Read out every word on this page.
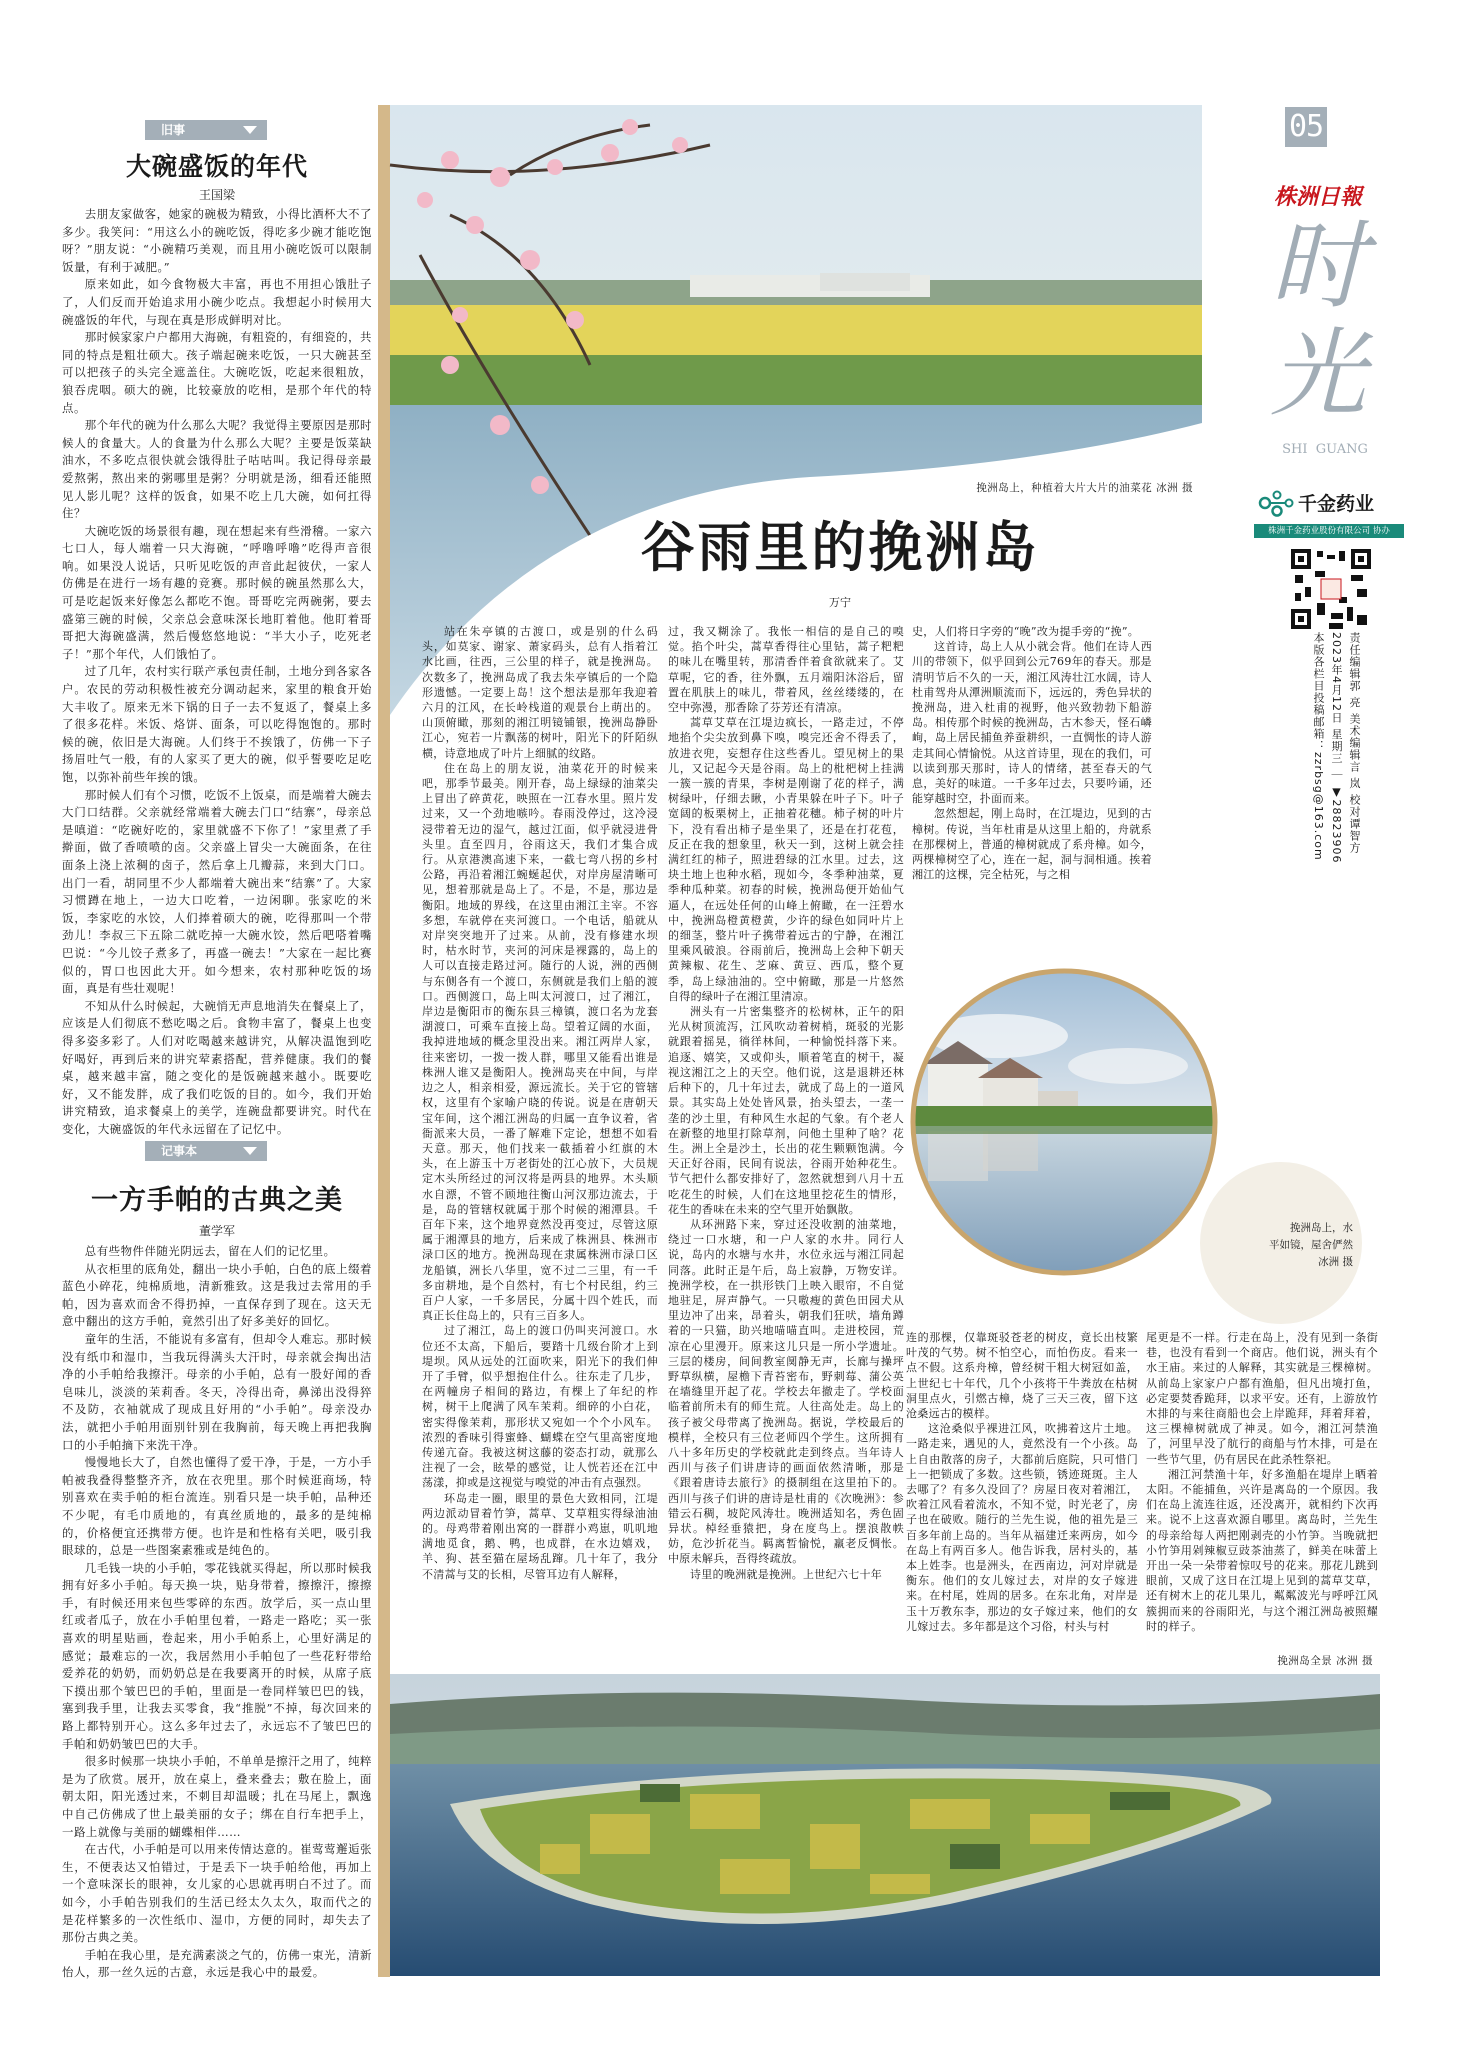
旧事
大碗盛饭的年代
王国梁

去朋友家做客，她家的碗极为精致，小得比酒杯大不了多少。我笑问：“用这么小的碗吃饭，得吃多少碗才能吃饱呀？”朋友说：“小碗精巧美观，而且用小碗吃饭可以限制饭量，有利于减肥。”

原来如此，如今食物极大丰富，再也不用担心饿肚子了，人们反而开始追求用小碗少吃点。我想起小时候用大碗盛饭的年代，与现在真是形成鲜明对比。

那时候家家户户都用大海碗，有粗瓷的，有细瓷的，共同的特点是粗壮硕大。孩子端起碗来吃饭，一只大碗甚至可以把孩子的头完全遮盖住。大碗吃饭，吃起来很粗放，狼吞虎咽。硕大的碗，比较豪放的吃相，是那个年代的特点。

那个年代的碗为什么那么大呢？我觉得主要原因是那时候人的食量大。人的食量为什么那么大呢？主要是饭菜缺油水，不多吃点很快就会饿得肚子咕咕叫。我记得母亲最爱熬粥，熬出来的粥哪里是粥？分明就是汤，细看还能照见人影儿呢？这样的饭食，如果不吃上几大碗，如何扛得住？

大碗吃饭的场景很有趣，现在想起来有些滑稽。一家六七口人，每人端着一只大海碗，“呼噜呼噜”吃得声音很响。如果没人说话，只听见吃饭的声音此起彼伏，一家人仿佛是在进行一场有趣的竞赛。那时候的碗虽然那么大，可是吃起饭来好像怎么都吃不饱。哥哥吃完两碗粥，要去盛第三碗的时候，父亲总会意味深长地盯着他。他盯着哥哥把大海碗盛满，然后慢悠悠地说：“半大小子，吃死老子！”那个年代，人们饿怕了。

过了几年，农村实行联产承包责任制，土地分到各家各户。农民的劳动积极性被充分调动起来，家里的粮食开始大丰收了。原来无米下锅的日子一去不复返了，餐桌上多了很多花样。米饭、烙饼、面条，可以吃得饱饱的。那时候的碗，依旧是大海碗。人们终于不挨饿了，仿佛一下子扬眉吐气一般，有的人家买了更大的碗，似乎誓要吃足吃饱，以弥补前些年挨的饿。

那时候人们有个习惯，吃饭不上饭桌，而是端着大碗去大门口结群。父亲就经常端着大碗去门口“结寨”，母亲总是嗔道：“吃碗好吃的，家里就盛不下你了！”家里煮了手擀面，做了香喷喷的卤。父亲盛上冒尖一大碗面条，在往面条上浇上浓稠的卤子，然后拿上几瓣蒜，来到大门口。出门一看，胡同里不少人都端着大碗出来“结寨”了。大家习惯蹲在地上，一边大口吃着，一边闲聊。张家吃的米饭，李家吃的水饺，人们捧着硕大的碗，吃得那叫一个带劲儿！李叔三下五除二就吃掉一大碗水饺，然后吧嗒着嘴巴说：“今儿饺子煮多了，再盛一碗去！”大家在一起比赛似的，胃口也因此大开。如今想来，农村那种吃饭的场面，真是有些壮观呢！

不知从什么时候起，大碗悄无声息地消失在餐桌上了，应该是人们彻底不愁吃喝之后。食物丰富了，餐桌上也变得多姿多彩了。人们对吃喝越来越讲究，从解决温饱到吃好喝好，再到后来的讲究荤素搭配，营养健康。我们的餐桌，越来越丰富，随之变化的是饭碗越来越小。既要吃好，又不能发胖，成了我们吃饭的目的。如今，我们开始讲究精致，追求餐桌上的美学，连碗盘都要讲究。时代在变化，大碗盛饭的年代永远留在了记忆中。

记事本
一方手帕的古典之美
董学军

总有些物件伴随光阴远去，留在人们的记忆里。

从衣柜里的底角处，翻出一块小手帕，白色的底上缀着蓝色小碎花，纯棉质地，清新雅致。这是我过去常用的手帕，因为喜欢而舍不得扔掉，一直保存到了现在。这天无意中翻出的这方手帕，竟然引出了好多美好的回忆。

童年的生活，不能说有多富有，但却令人难忘。那时候没有纸巾和湿巾，当我玩得满头大汗时，母亲就会掏出洁净的小手帕给我擦汗。母亲的小手帕，总有一股好闻的香皂味儿，淡淡的茉莉香。冬天，冷得出奇，鼻涕出没得猝不及防，衣袖就成了现成且好用的“小手帕”。母亲没办法，就把小手帕用面别针别在我胸前，每天晚上再把我胸口的小手帕摘下来洗干净。

慢慢地长大了，自然也懂得了爱干净，于是，一方小手帕被我叠得整整齐齐，放在衣兜里。那个时候逛商场，特别喜欢在卖手帕的柜台流连。别看只是一块手帕，品种还不少呢，有毛巾质地的，有真丝质地的，最多的是纯棉的，价格便宜还携带方便。也许是和性格有关吧，吸引我眼球的，总是一些图案素雅或是纯色的。

几毛钱一块的小手帕，零花钱就买得起，所以那时候我拥有好多小手帕。每天换一块，贴身带着，擦擦汗，擦擦手，有时候还用来包些零碎的东西。放学后，买一点山里红或者瓜子，放在小手帕里包着，一路走一路吃；买一张喜欢的明星贴画，卷起来，用小手帕系上，心里好满足的感觉；最难忘的一次，我居然用小手帕包了一些花籽带给爱养花的奶奶，而奶奶总是在我要离开的时候，从席子底下摸出那个皱巴巴的手帕，里面是一卷同样皱巴巴的钱，塞到我手里，让我去买零食，我“推脱”不掉，每次回来的路上都特别开心。这么多年过去了，永远忘不了皱巴巴的手帕和奶奶皱巴巴的大手。

很多时候那一块块小手帕，不单单是擦汗之用了，纯粹是为了欣赏。展开，放在桌上，叠来叠去；敷在脸上，面朝太阳，阳光透过来，不刺目却温暖；扎在马尾上，飘逸中自己仿佛成了世上最美丽的女子；绑在自行车把手上，一路上就像与美丽的蝴蝶相伴……

在古代，小手帕是可以用来传情达意的。崔莺莺邂逅张生，不便表达又怕错过，于是丢下一块手帕给他，再加上一个意味深长的眼神，女儿家的心思就再明白不过了。而如今，小手帕告别我们的生活已经太久太久，取而代之的是花样繁多的一次性纸巾、湿巾，方便的同时，却失去了那份古典之美。

手帕在我心里，是充满素淡之气的，仿佛一束光，清新怡人，那一丝久远的古意，永远是我心中的最爱。

挽洲岛上，种植着大片大片的油菜花 冰洲 摄
谷雨里的挽洲岛
万宁

站在朱亭镇的古渡口，或是别的什么码头，如莫家、谢家、萧家码头，总有人指着江水比画，往西，三公里的样子，就是挽洲岛。次数多了，挽洲岛成了我去朱亭镇后的一个隐形遗憾。一定要上岛！这个想法是那年我迎着六月的江风，在长岭栈道的观景台上萌出的。山顶俯瞰，那刻的湘江明镜铺银，挽洲岛静卧江心，宛若一片飘荡的树叶，阳光下的阡陌纵横，诗意地成了叶片上细腻的纹路。

住在岛上的朋友说，油菜花开的时候来吧，那季节最美。刚开春，岛上绿绿的油菜尖上冒出了碎黄花，映照在一江春水里。照片发过来，又一个劲地嗾吟。春雨没停过，这冷浸浸带着无边的湿气，越过江面，似乎就浸进骨头里。直至四月，谷雨这天，我们才集合成行。从京港澳高速下来，一截七弯八拐的乡村公路，再沿着湘江蜿蜒起伏，对岸房屋清晰可见，想着那就是岛上了。不是，不是，那边是衡阳。地域的界线，在这里由湘江主宰。不容多想，车就停在夹河渡口。一个电话，船就从对岸突突地开了过来。从前，没有修建水坝时，枯水时节，夹河的河床是裸露的，岛上的人可以直接走路过河。随行的人说，洲的西侧与东侧各有一个渡口，东侧就是我们上船的渡口。西侧渡口，岛上叫太河渡口，过了湘江，岸边是衡阳市的衡东县三樟镇，渡口名为龙套湖渡口，可乘车直接上岛。望着辽阔的水面，我掉进地域的概念里没出来。湘江两岸人家，往来密切，一拨一拨人群，哪里又能看出谁是株洲人谁又是衡阳人。挽洲岛夹在中间，与岸边之人，相亲相爱，源远流长。关于它的管辖权，这里有个家喻户晓的传说。说是在唐朝天宝年间，这个湘江洲岛的归属一直争议着，省衙派来大员，一番了解难下定论，想想不如看天意。那天，他们找来一截插着小红旗的木头，在上游玉十万老街处的江心放下，大员规定木头所经过的河汉将是两县的地界。木头顺水自漂，不管不顾地往衡山河汉那边流去，于是，岛的管辖权就属于那个时候的湘潭县。千百年下来，这个地界竟然没再变过，尽管这原属于湘潭县的地方，后来成了株洲县、株洲市渌口区的地方。挽洲岛现在隶属株洲市渌口区龙船镇，洲长八华里，宽不过二三里，有一千多亩耕地，是个自然村，有七个村民组，约三百户人家，一千多居民，分属十四个姓氏，而真正长住岛上的，只有三百多人。

过了湘江，岛上的渡口仍叫夹河渡口。水位还不太高，下船后，要踏十几级台阶才上到堤坝。风从远处的江面吹来，阳光下的我们伸开了手臂，似乎想抱住什么。往东走了几步，在两幢房子相间的路边，有棵上了年纪的柞树，树干上爬满了风车茉莉。细碎的小白花，密实得像茉莉，那形状又宛如一个个小风车。浓烈的香味引得蜜蜂、蝴蝶在空气里高密度地传递亢奋。我被这树这藤的姿态打动，就那么注视了一会，眩晕的感觉，让人恍若还在江中荡漾，抑或是这视觉与嗅觉的冲击有点强烈。

环岛走一圈，眼里的景色大致相同，江堤两边派动冒着竹笋，蒿草、艾草粗实得绿油油的。母鸡带着刚出窝的一群群小鸡崽，叽叽地满地觅食，鹅、鸭，也成群，在水边嬉戏，羊、狗、甚至猫在屋场乱蹿。几十年了，我分不清蒿与艾的长相，尽管耳边有人解释，

过，我又糊涂了。我怅一相信的是自己的嗅觉。掐个叶尖，蒿草香得往心里钻，蒿子粑粑的味儿在嘴里转，那清香伴着食欲就来了。艾草呢，它的香，往外飘，五月端阳沐浴后，留置在肌肤上的味儿，带着风，丝丝缕缕的，在空中弥漫，那香除了芬芳还有清凉。

蒿草艾草在江堤边疯长，一路走过，不停地掐个尖尖放到鼻下嗅，嗅完还舍不得丢了，放进衣兜，妄想存住这些香儿。望见树上的果儿，又记起今天是谷雨。岛上的枇杷树上挂满一簇一簇的青果，李树是刚谢了花的样子，满树绿叶，仔细去瞅，小青果躲在叶子下。叶子宽阔的板栗树上，正抽着花穗。柿子树的叶片下，没有看出柿子是坐果了，还是在打花苞，反正在我的想象里，秋天一到，这树上就会挂满红红的柿子，照进碧绿的江水里。过去，这块土地上也种水稻，现如今，冬季种油菜，夏季种瓜种菜。初春的时候，挽洲岛便开始仙气逼人，在远处任何的山峰上俯瞰，在一汪碧水中，挽洲岛橙黄橙黄，少许的绿色如同叶片上的细茎，整片叶子携带着远古的宁静，在湘江里乘风破浪。谷雨前后，挽洲岛上会种下朝天黄辣椒、花生、芝麻、黄豆、西瓜，整个夏季，岛上绿油油的。空中俯瞰，那是一片悠然自得的绿叶子在湘江里清凉。

洲头有一片密集整齐的松树林，正午的阳光从树顶流泻，江风吹动着树梢，斑驳的光影就跟着摇晃，徜徉林间，一种愉悦抖落下来。追逐、嬉笑，又或仰头，顺着笔直的树干，凝视这湘江之上的天空。他们说，这是退耕还林后种下的，几十年过去，就成了岛上的一道风景。其实岛上处处皆风景，抬头望去，一垄一垄的沙土里，有种风生水起的气象。有个老人在新整的地里打除草剂，问他土里种了啥？花生。洲上全是沙土，长出的花生颗颗饱满。今天正好谷雨，民间有说法，谷雨开始种花生。节气把什么都安排好了，忽然就想到八月十五吃花生的时候，人们在这地里挖花生的情形，花生的香味在未来的空气里开始飘散。

从环洲路下来，穿过还没收割的油菜地，绕过一口水塘，和一户人家的水井。同行人说，岛内的水塘与水井，水位永远与湘江同起同落。此时正是午后，岛上寂静，万物安详。挽洲学校，在一拱形铁门上映入眼帘，不自觉地驻足，屏声静气。一只嗷瘦的黄色田园犬从里边冲了出来，昂着头，朝我们狂吠，墙角蹲着的一只猫，助兴地喵喵直叫。走进校园，荒凉在心里漫开。原来这儿只是一所小学遗址。三层的楼房，间间教室阒静无声，长廊与操坪野草纵横，屋檐下青苔密布，野刺莓、蒲公英在墙缝里开起了花。学校去年撤走了。学校面临着前所未有的师生荒。人往高处走。岛上的孩子被父母带离了挽洲岛。据说，学校最后的模样，全校只有三位老师四个学生。这所拥有八十多年历史的学校就此走到终点。当年诗人西川与孩子们讲唐诗的画面依然清晰，那是《跟着唐诗去旅行》的摄制组在这里拍下的。西川与孩子们讲的唐诗是杜甫的《次晚洲》：参错云石稠，坡陀风涛壮。晚洲适知名，秀色固异状。棹经垂猿把，身在度鸟上。摆浪散帙妨，危沙折花当。羁离暂愉悦，羸老反惆怅。中原未解兵，吾得终疏放。

诗里的晚洲就是挽洲。上世纪六七十年

史，人们将日字旁的“晚”改为提手旁的“挽”。

这首诗，岛上人从小就会背。他们在诗人西川的带领下，似乎回到公元769年的春天。那是清明节后不久的一天，湘江风涛壮江水阔，诗人杜甫驾舟从潭洲顺流而下，远远的，秀色异状的挽洲岛，进入杜甫的视野，他兴致勃勃下船游岛。相传那个时候的挽洲岛，古木参天，怪石嶙峋，岛上居民捕鱼养蚕耕织，一直惆怅的诗人游走其间心情愉悦。从这首诗里，现在的我们，可以读到那天那时，诗人的情绪，甚至春天的气息，美好的味道。一千多年过去，只要吟诵，还能穿越时空，扑面而来。

忽然想起，刚上岛时，在江堤边，见到的古樟树。传说，当年杜甫是从这里上船的，舟就系在那棵树上，普通的樟树就成了系舟樟。如今，两棵樟树空了心，连在一起，洞与洞相通。挨着湘江的这棵，完全枯死，与之相

挽洲岛上，水
平如镜，屋舍俨然
冰洲 摄

连的那棵，仅靠斑驳苍老的树皮，竟长出枝繁叶茂的气势。树不怕空心，而怕伤皮。看来一点不假。这系舟樟，曾经树干粗大树冠如盖，上世纪七十年代，几个小孩将干牛粪放在枯树洞里点火，引燃古樟，烧了三天三夜，留下这沧桑远古的模样。

这沧桑似乎裸进江风，吹拂着这片土地。一路走来，遇见的人，竟然没有一个小孩。岛上自由散落的房子，大都前后庭院，只可惜门上一把锁成了多数。这些锁，锈迹斑斑。主人去哪了？有多久没回了？房屋日夜对着湘江，吹着江风看着流水，不知不觉，时光老了，房子也在破败。随行的兰先生说，他的祖先是三百多年前上岛的。当年从福建迁来两房，如今在岛上有两百多人。他告诉我，居村头的，基本上姓李。也是洲头，在西南边，河对岸就是衡东。他们的女儿嫁过去，对岸的女子嫁进来。在村尾，姓周的居多。在东北角，对岸是玉十万教东李，那边的女子嫁过来，他们的女儿嫁过去。多年都是这个习俗，村头与村

尾更是不一样。行走在岛上，没有见到一条街巷，也没有看到一个商店。他们说，洲头有个水王庙。来过的人解释，其实就是三棵樟树。从前岛上家家户户都有渔船，但凡出境打鱼，必定要焚香跪拜，以求平安。还有，上游放竹木排的与来往商船也会上岸跪拜，拜着拜着，这三棵樟树就成了神灵。如今，湘江河禁渔了，河里早没了航行的商船与竹木排，可是在一些节气里，仍有居民在此杀牲祭祀。

湘江河禁渔十年，好多渔船在堤岸上晒着太阳。不能捕鱼，兴许是离岛的一个原因。我们在岛上流连往返，还没离开，就相约下次再来。说不上这喜欢源自哪里。离岛时，兰先生的母亲给每人两把刚剥壳的小竹笋。当晚就把小竹笋用剁辣椒豆豉茶油蒸了，鲜美在味蕾上开出一朵一朵带着惊叹号的花来。那花儿跳到眼前，又成了这日在江堤上见到的蒿草艾草，还有树木上的花儿果儿，粼粼波光与呼呼江风簇拥而来的谷雨阳光，与这个湘江洲岛被照耀时的样子。

挽洲岛全景 冰洲 摄
05
株洲日報
时光
SHI  GUANG
千金药业
株洲千金药业股份有限公司 协办
责任编辑郭 亮 美术编辑言 岚 校对谭智方
2023年4月12日 星期三 ｜ ▼28823906
本版各栏目投稿邮箱：zzrbsg@163.com
